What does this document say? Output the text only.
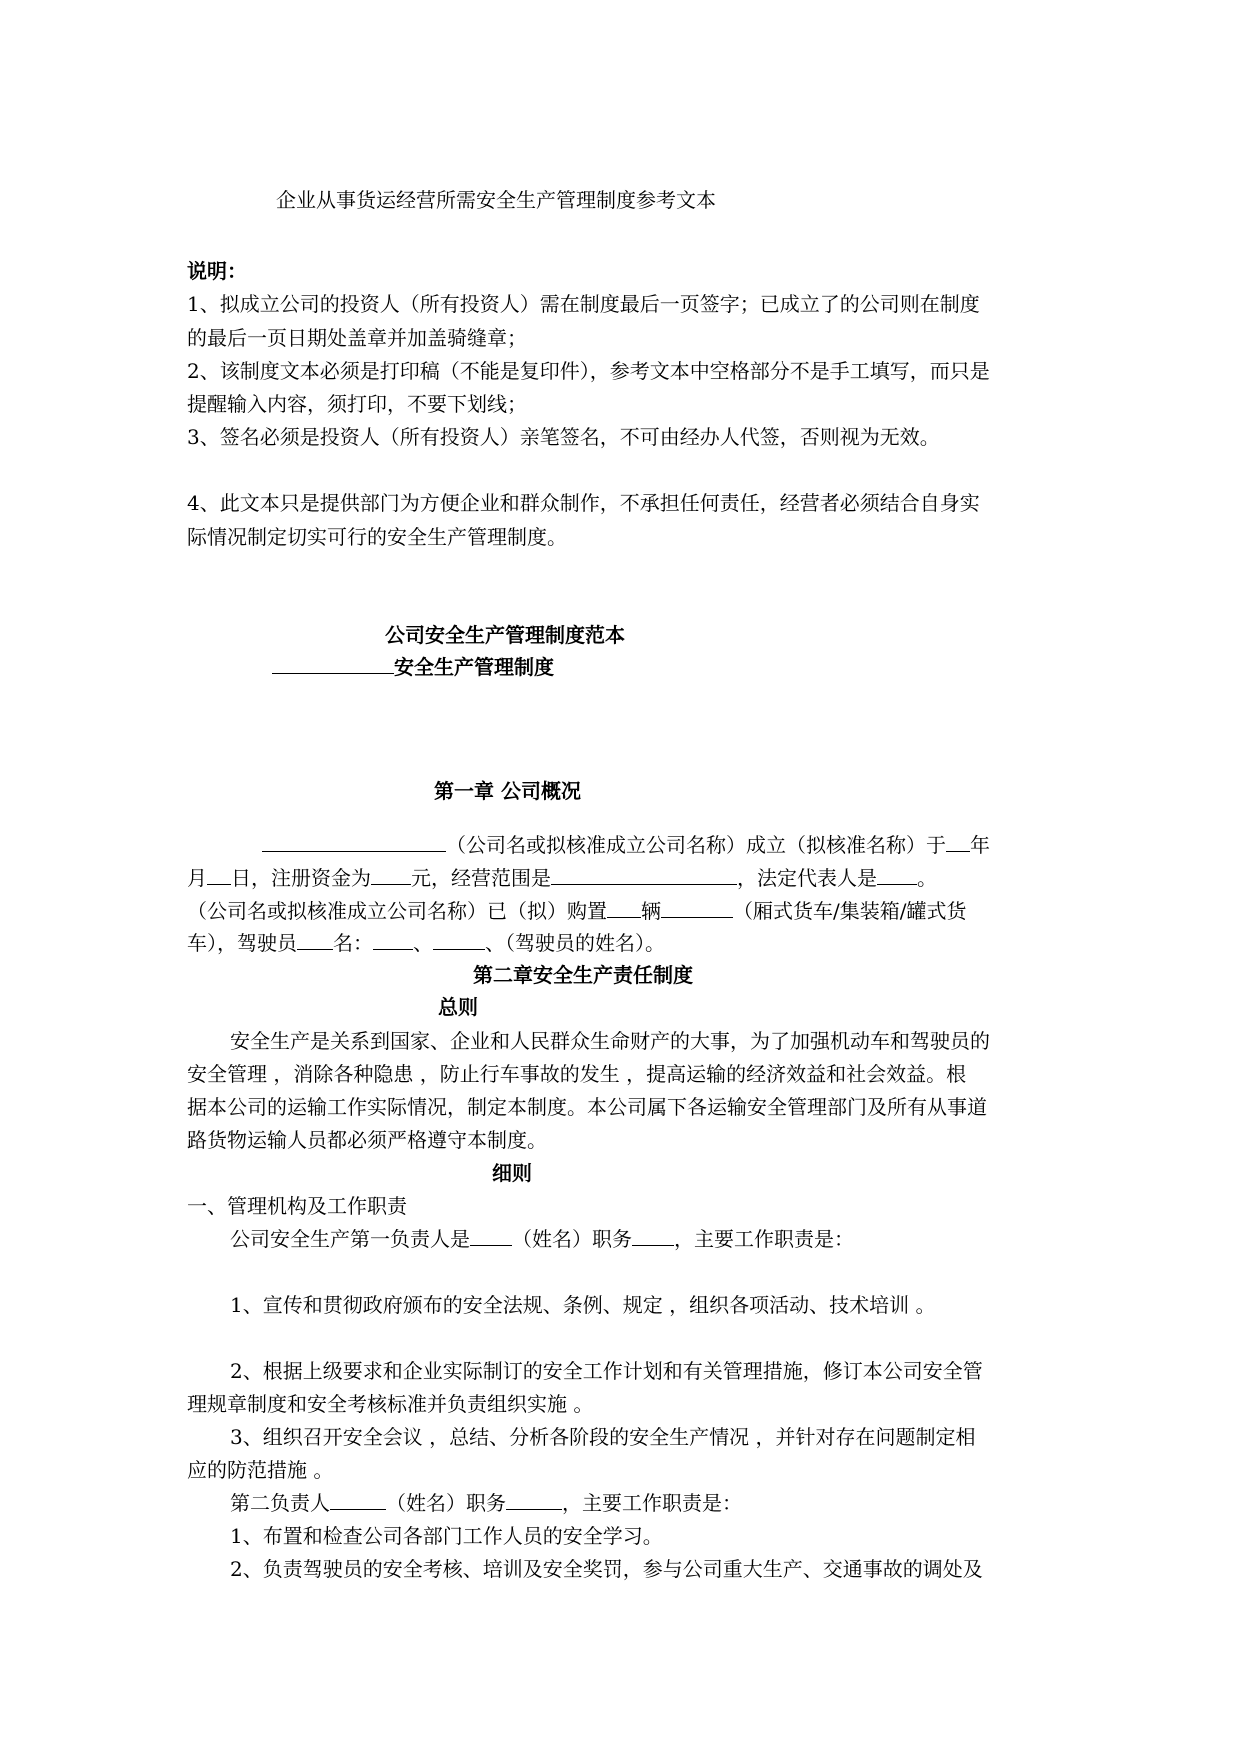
企业从事货运经营所需安全生产管理制度参考文本
说明：
1、拟成立公司的投资人（所有投资人）需在制度最后一页签字；已成立了的公司则在制度
的最后一页日期处盖章并加盖骑缝章；
2、该制度文本必须是打印稿（不能是复印件），参考文本中空格部分不是手工填写，而只是
提醒输入内容，须打印，不要下划线；
3、签名必须是投资人（所有投资人）亲笔签名，不可由经办人代签，否则视为无效。
4、此文本只是提供部门为方便企业和群众制作，不承担任何责任，经营者必须结合自身实
际情况制定切实可行的安全生产管理制度。
公司安全生产管理制度范本
安全生产管理制度
第一章 公司概况
（公司名或拟核准成立公司名称）成立（拟核准名称）于 年
月 日，注册资金为 元，经营范围是	，法定代表人是 。
（公司名或拟核准成立公司名称）已（拟）购置 辆	（厢式货车/集装箱/罐式货
车），驾驶员 名： 、	、（驾驶员的姓名）。
第二章安全生产责任制度
总则
安全生产是关系到国家、企业和人民群众生命财产的大事，为了加强机动车和驾驶员的
安全管理 ，消除各种隐患 ，防止行车事故的发生 ，提高运输的经济效益和社会效益。根
据本公司的运输工作实际情况，制定本制度。本公司属下各运输安全管理部门及所有从事道
路货物运输人员都必须严格遵守本制度。
细则
一、管理机构及工作职责
公司安全生产第一负责人是 （姓名）职务 ，主要工作职责是：
1、宣传和贯彻政府颁布的安全法规、条例、规定 ，组织各项活动、技术培训 。
2、根据上级要求和企业实际制订的安全工作计划和有关管理措施，修订本公司安全管
理规章制度和安全考核标准并负责组织实施 。
3、组织召开安全会议 ，总结、分析各阶段的安全生产情况 ，并针对存在问题制定相
应的防范措施 。
第二负责人	（姓名）职务	，主要工作职责是：
1、布置和检查公司各部门工作人员的安全学习。
2、负责驾驶员的安全考核、培训及安全奖罚，参与公司重大生产、交通事故的调处及
